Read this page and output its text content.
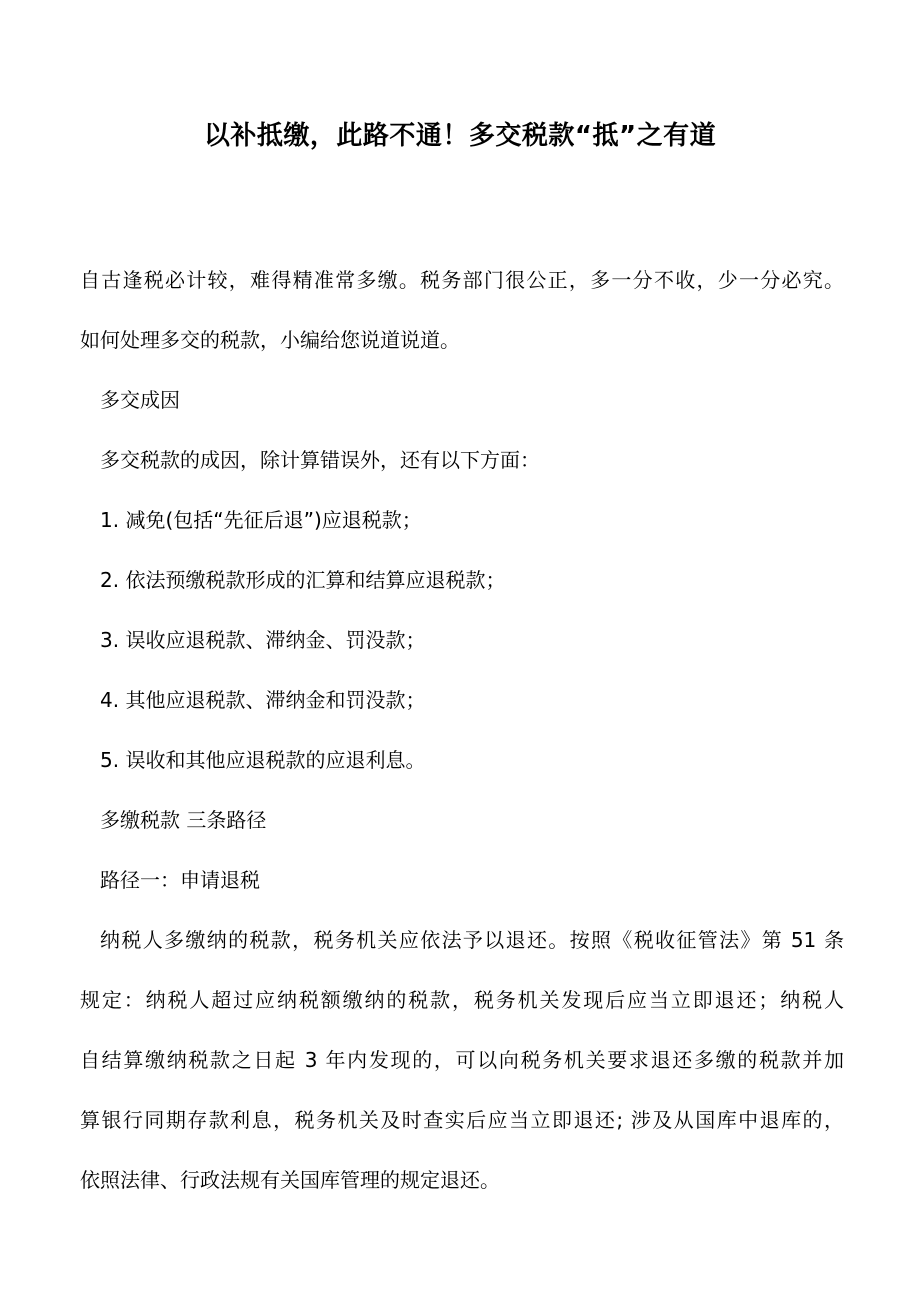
以补抵缴，此路不通！多交税款“抵”之有道

自古逢税必计较，难得精准常多缴。税务部门很公正，多一分不收，少一分必究。

如何处理多交的税款，小编给您说道说道。

多交成因

多交税款的成因，除计算错误外，还有以下方面：

1. 减免(包括“先征后退”)应退税款；

2. 依法预缴税款形成的汇算和结算应退税款；

3. 误收应退税款、滞纳金、罚没款；

4. 其他应退税款、滞纳金和罚没款；

5. 误收和其他应退税款的应退利息。

多缴税款 三条路径

路径一：申请退税

纳税人多缴纳的税款，税务机关应依法予以退还。按照《税收征管法》第 51 条

规定：纳税人超过应纳税额缴纳的税款，税务机关发现后应当立即退还；纳税人

自结算缴纳税款之日起 3 年内发现的，可以向税务机关要求退还多缴的税款并加

算银行同期存款利息，税务机关及时查实后应当立即退还; 涉及从国库中退库的，

依照法律、行政法规有关国库管理的规定退还。
